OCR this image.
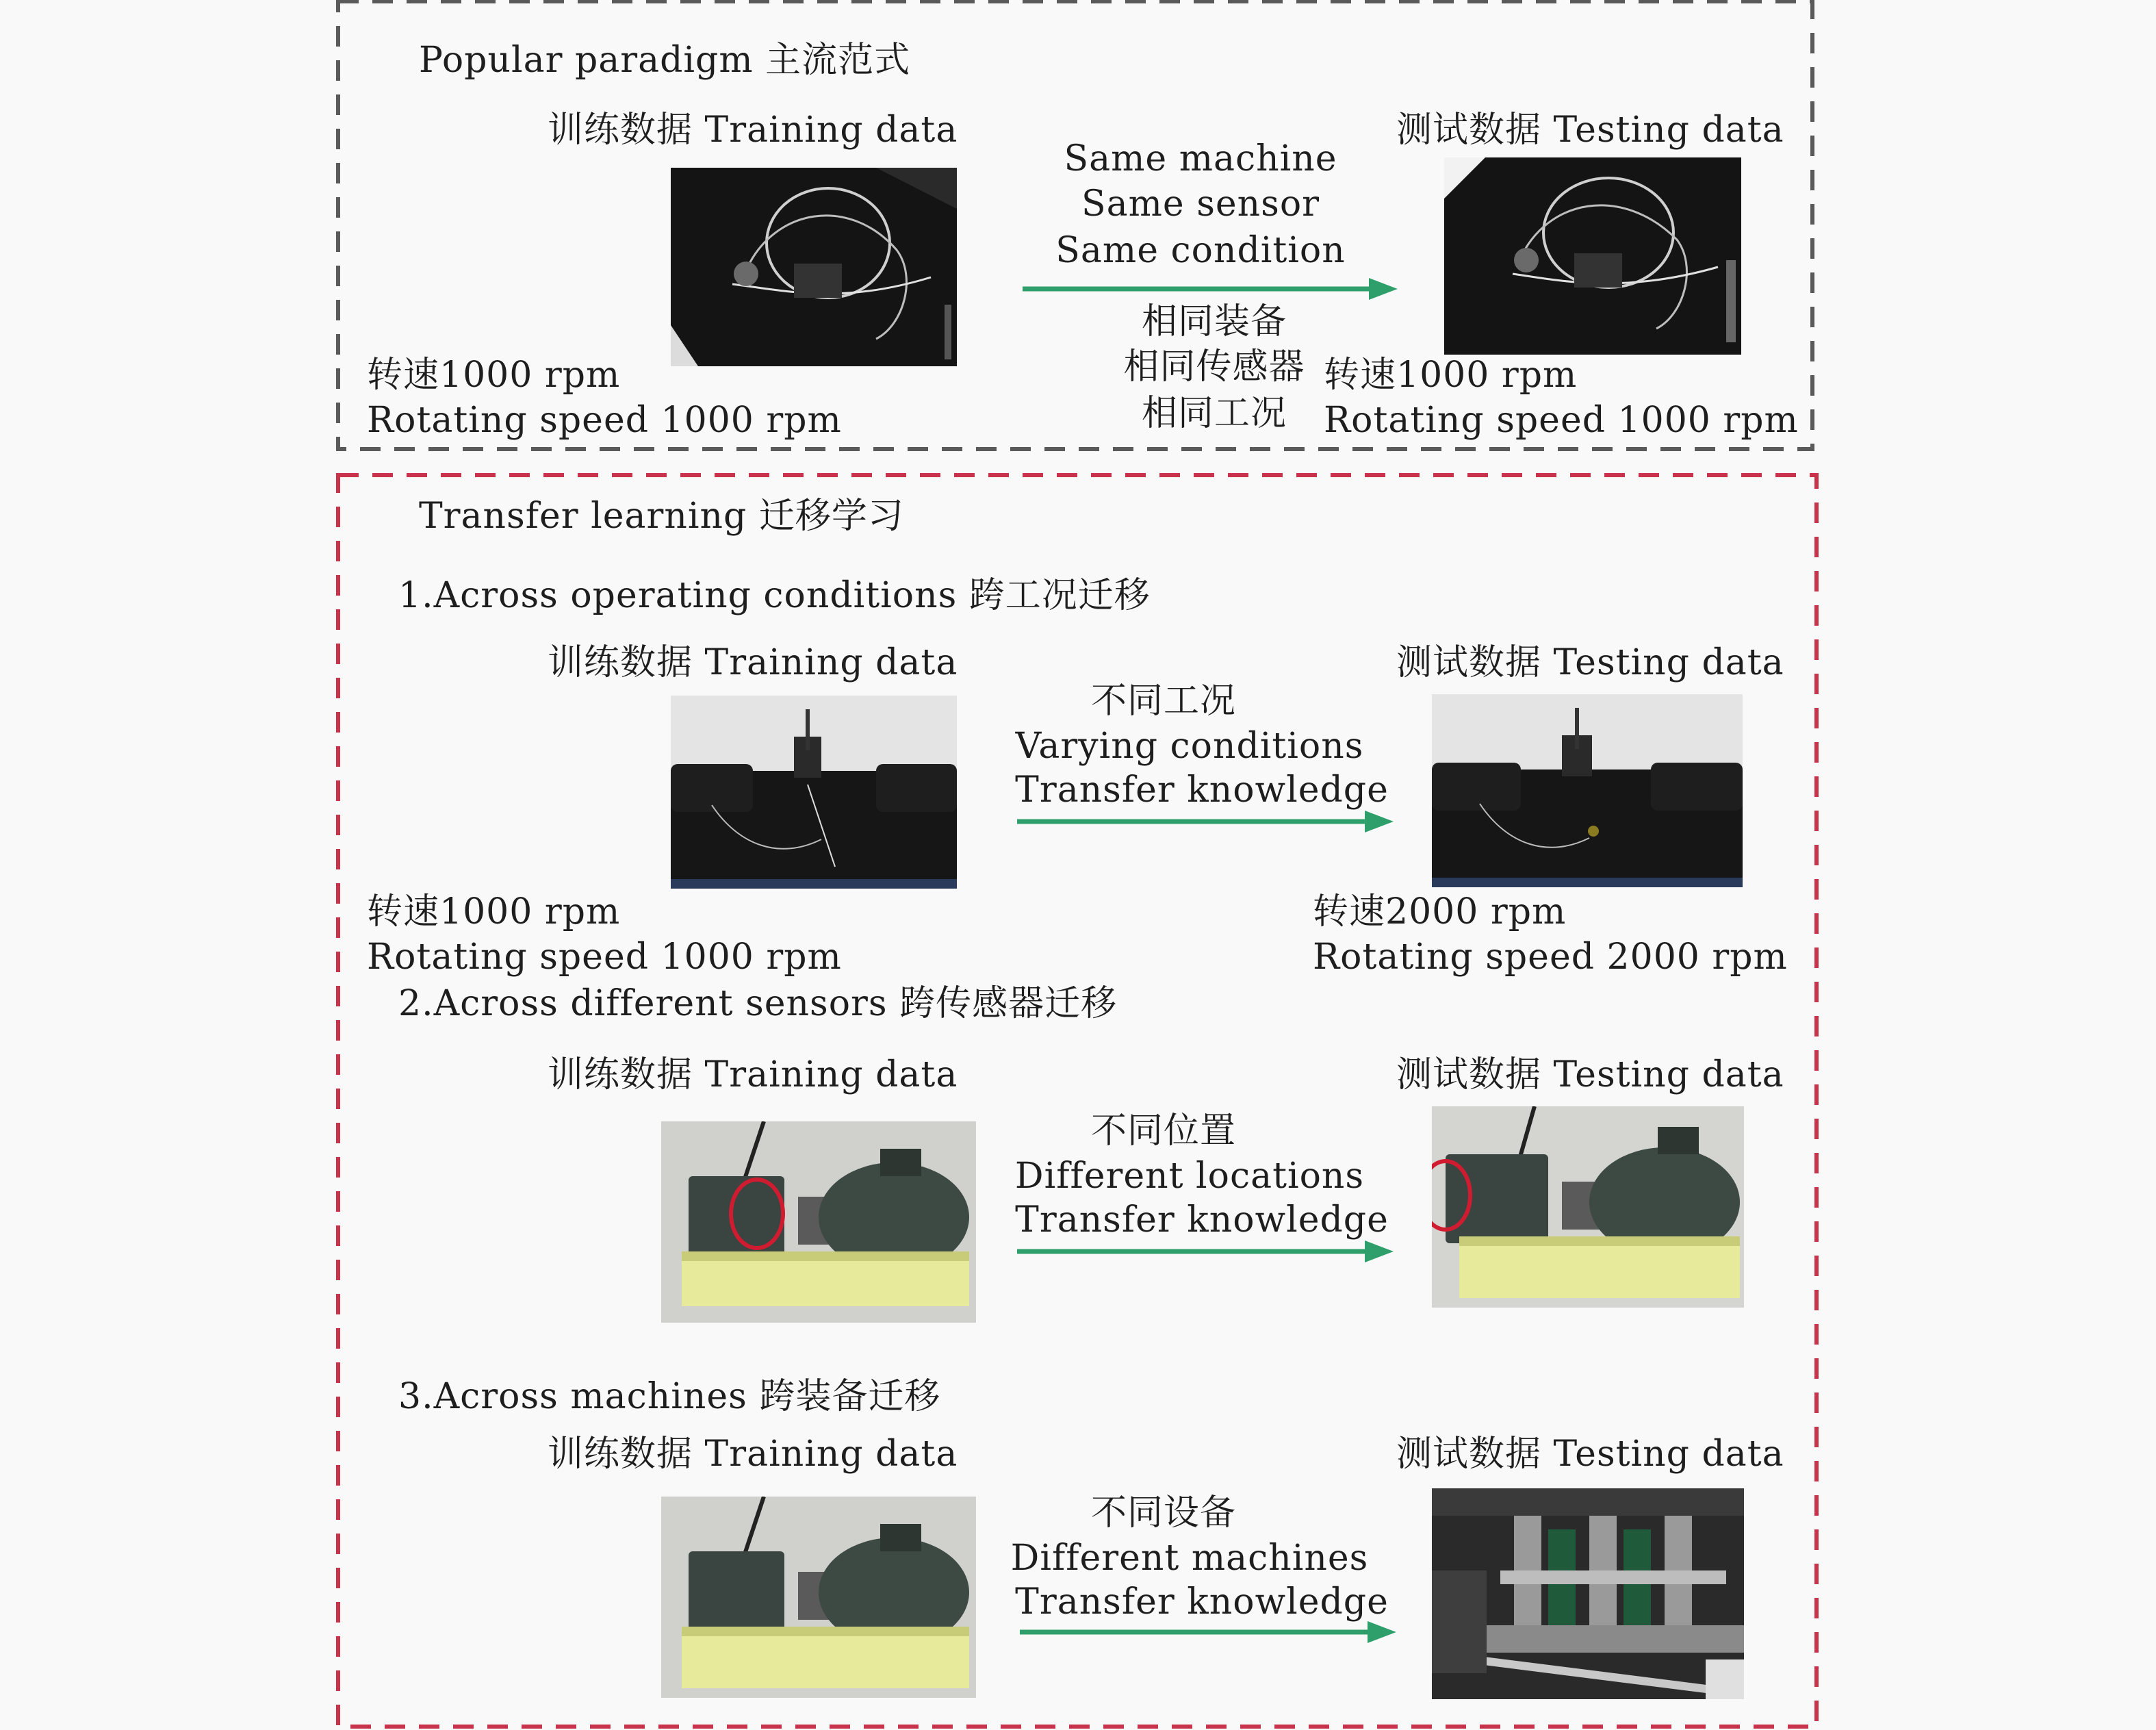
Popular paradigm 主流范式
训练数据 Training data	测试数据 Testing data
Same machine
Same sensor
Same condition
相同装备
相同传感器
相同工况
转速1000 rpm
Rotating speed 1000 rpm
转速1000 rpm
Rotating speed 1000 rpm
Transfer learning 迁移学习
1.Across operating conditions 跨工况迁移
训练数据 Training data	测试数据 Testing data
不同工况
Varying conditions
Transfer knowledge
转速1000 rpm
Rotating speed 1000 rpm
转速2000 rpm
Rotating speed 2000 rpm
2.Across different sensors 跨传感器迁移
训练数据 Training data	测试数据 Testing data
不同位置
Different locations
Transfer knowledge
3.Across machines 跨装备迁移
训练数据 Training data	测试数据 Testing data
不同设备
Different machines
Transfer knowledge
